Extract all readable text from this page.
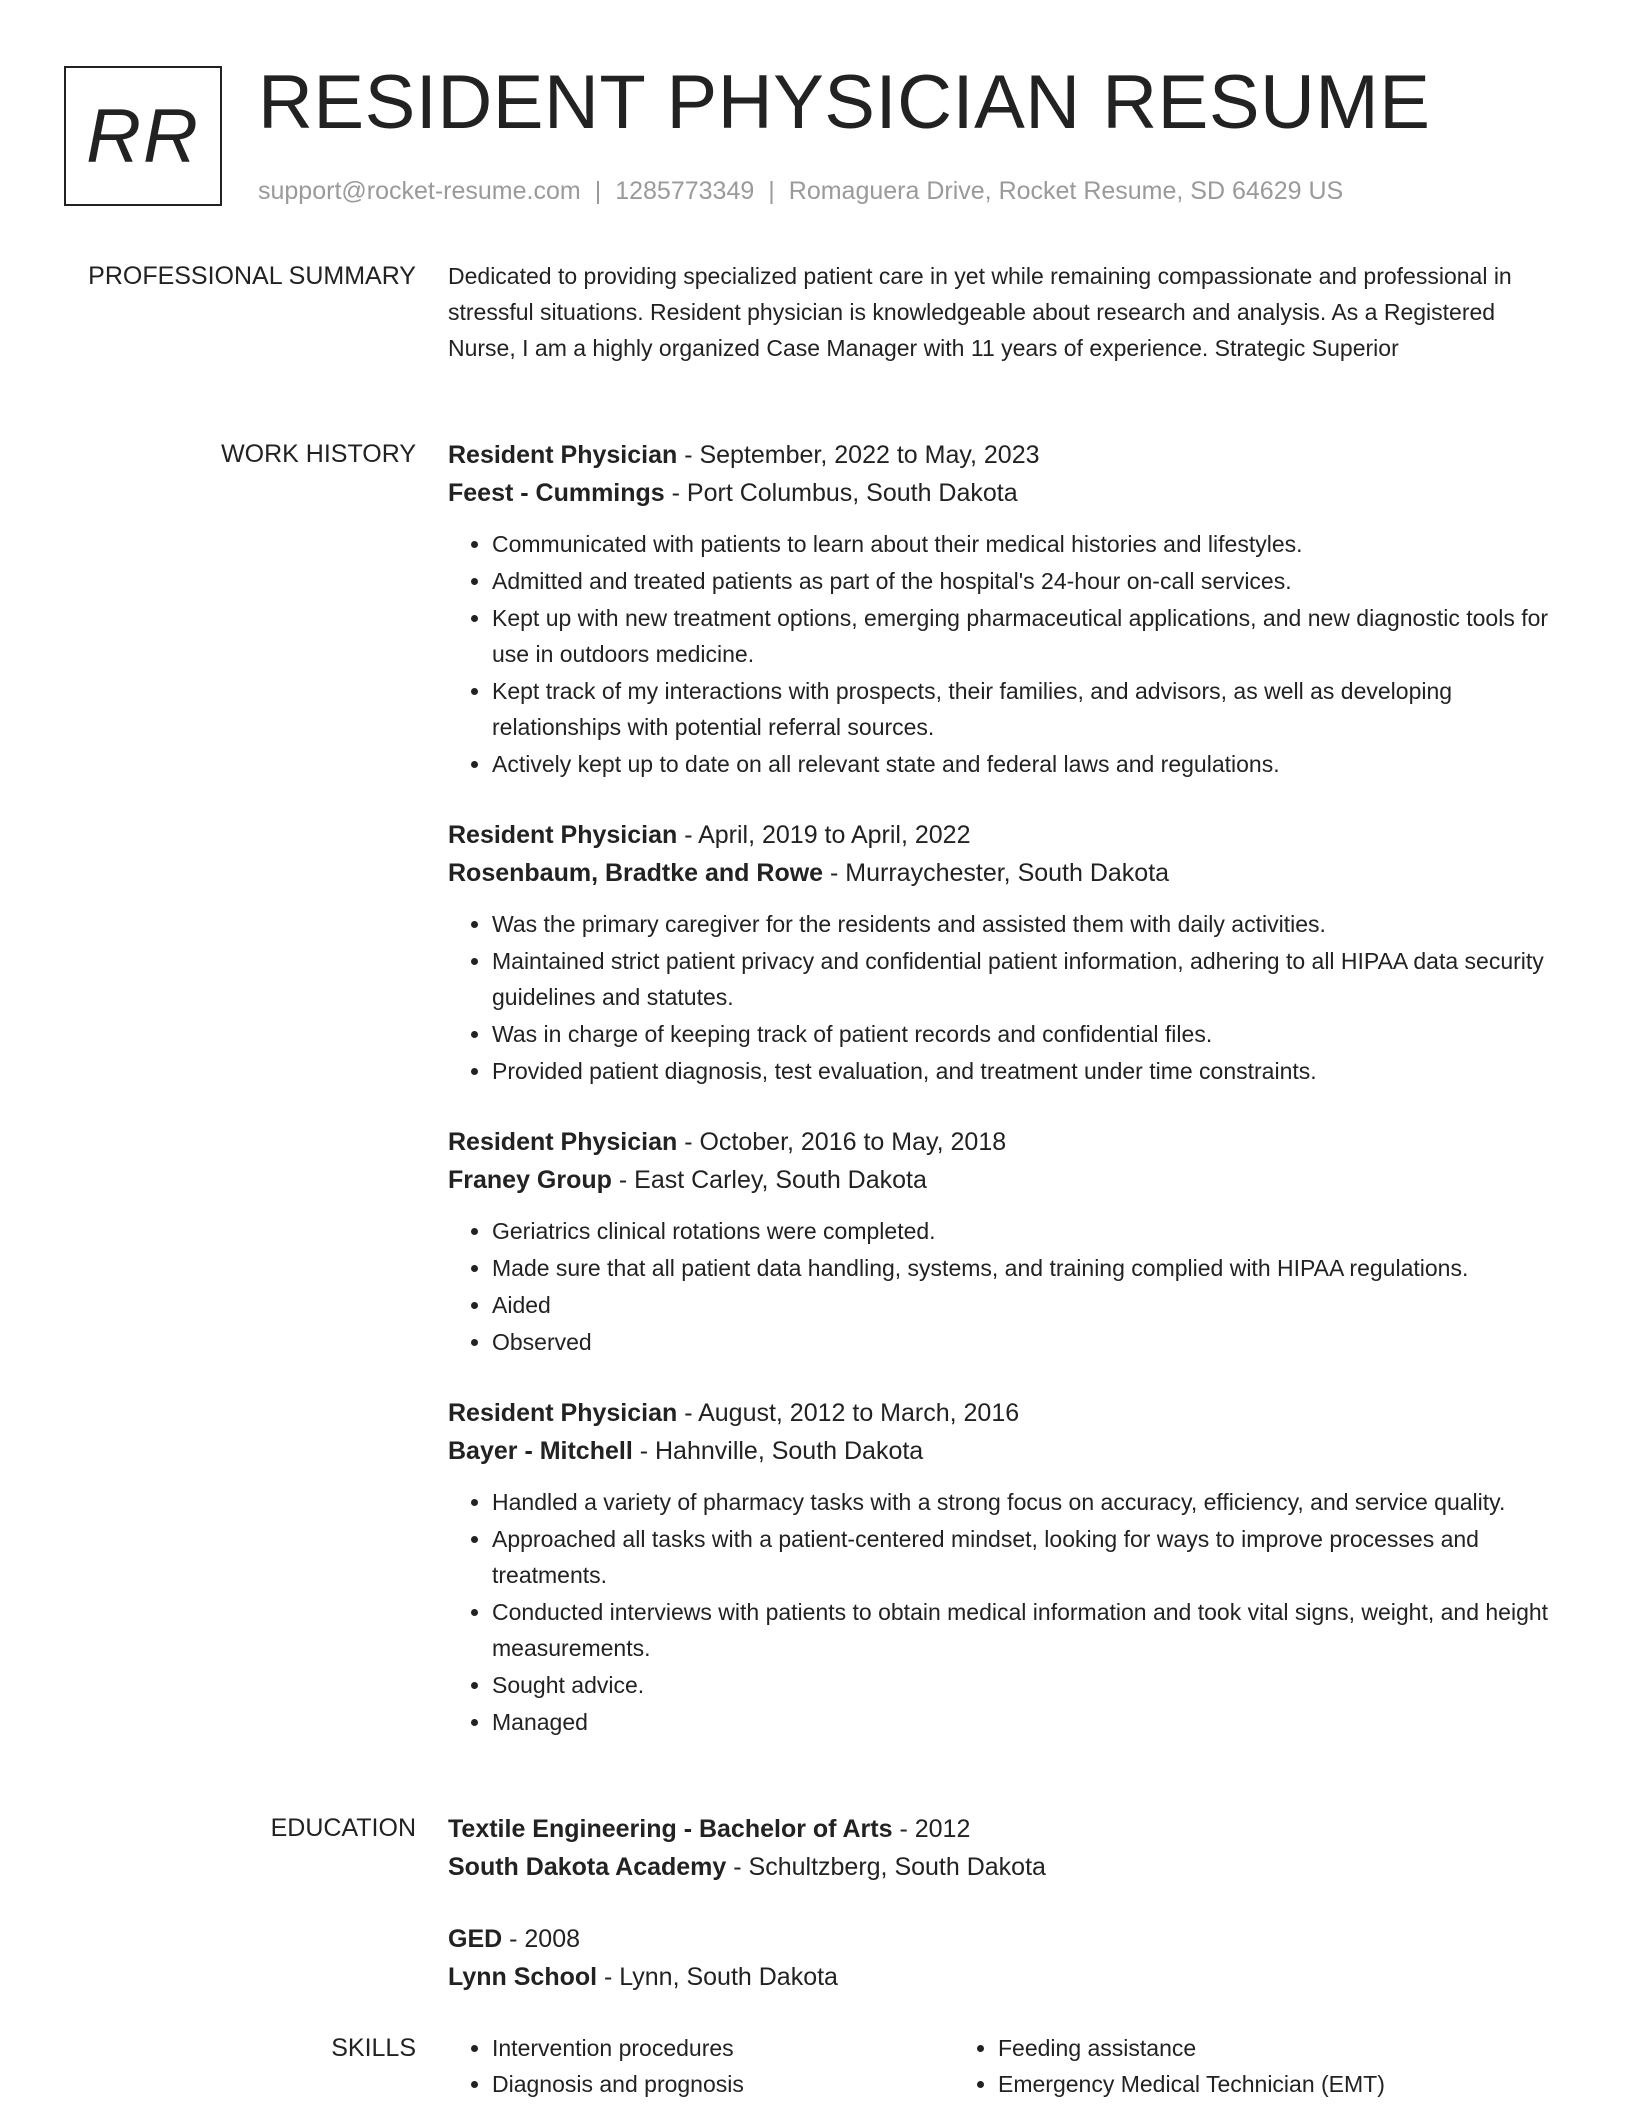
RR RESIDENT PHYSICIAN RESUME
support@rocket-resume.com | 1285773349 | Romaguera Drive, Rocket Resume, SD 64629 US
PROFESSIONAL SUMMARY Dedicated to providing specialized patient care in yet while remaining compassionate and professional in stressful situations. Resident physician is knowledgeable about research and analysis. As a Registered Nurse, I am a highly organized Case Manager with 11 years of experience. Strategic Superior

WORK HISTORY Resident Physician - September, 2022 to May, 2023
Feest - Cummings - Port Columbus, South Dakota
• Communicated with patients to learn about their medical histories and lifestyles.
• Admitted and treated patients as part of the hospital's 24-hour on-call services.
• Kept up with new treatment options, emerging pharmaceutical applications, and new diagnostic tools for use in outdoors medicine.
• Kept track of my interactions with prospects, their families, and advisors, as well as developing relationships with potential referral sources.
• Actively kept up to date on all relevant state and federal laws and regulations.
Resident Physician - April, 2019 to April, 2022
Rosenbaum, Bradtke and Rowe - Murraychester, South Dakota
• Was the primary caregiver for the residents and assisted them with daily activities.
• Maintained strict patient privacy and confidential patient information, adhering to all HIPAA data security guidelines and statutes.
• Was in charge of keeping track of patient records and confidential files.
• Provided patient diagnosis, test evaluation, and treatment under time constraints.
Resident Physician - October, 2016 to May, 2018
Franey Group - East Carley, South Dakota
• Geriatrics clinical rotations were completed.
• Made sure that all patient data handling, systems, and training complied with HIPAA regulations.
• Aided
• Observed
Resident Physician - August, 2012 to March, 2016
Bayer - Mitchell - Hahnville, South Dakota
• Handled a variety of pharmacy tasks with a strong focus on accuracy, efficiency, and service quality.
• Approached all tasks with a patient-centered mindset, looking for ways to improve processes and treatments.
• Conducted interviews with patients to obtain medical information and took vital signs, weight, and height measurements.
• Sought advice.
• Managed
EDUCATION Textile Engineering - Bachelor of Arts - 2012
South Dakota Academy - Schultzberg, South Dakota
GED - 2008
Lynn School - Lynn, South Dakota
SKILLS
•	Intervention procedures
• Diagnosis and prognosis
• Feeding assistance
• Emergency Medical Technician (EMT)
